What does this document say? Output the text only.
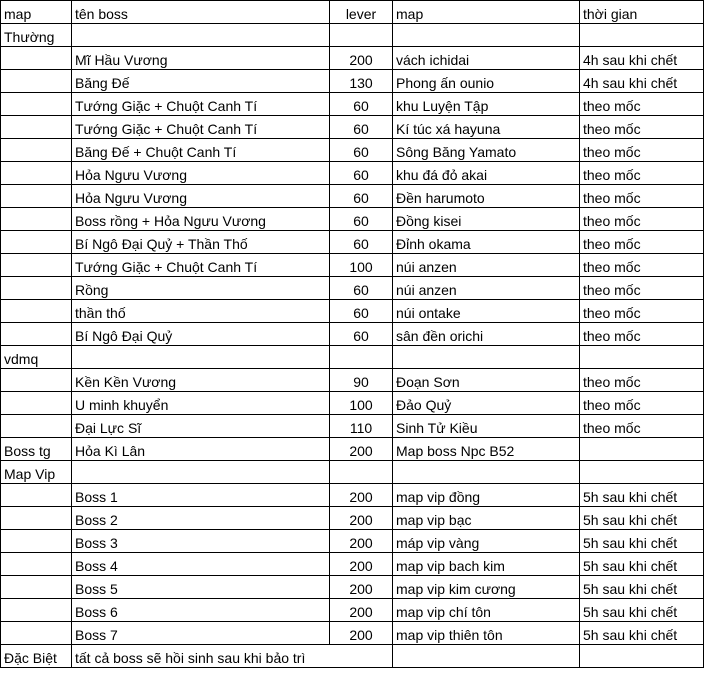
map	tên boss	lever	map	thời gian
Thường				
	Mĩ Hầu Vương	200	vách ichidai	4h sau khi chết
	Băng Đế	130	Phong ấn ounio	4h sau khi chết
	Tướng Giặc + Chuột Canh Tí	60	khu Luyện Tập	theo mốc
	Tướng Giặc + Chuột Canh Tí	60	Kí túc xá hayuna	theo mốc
	Băng Đế + Chuột Canh Tí	60	Sông Băng Yamato	theo mốc
	Hỏa Ngưu Vương	60	khu đá đỏ akai	theo mốc
	Hỏa Ngưu Vương	60	Đền harumoto	theo mốc
	Boss rồng + Hỏa Ngưu Vương	60	Đồng kisei	theo mốc
	Bí Ngô Đại Quỷ + Thần Thố	60	Đỉnh okama	theo mốc
	Tướng Giặc + Chuột Canh Tí	100	núi anzen	theo mốc
	Rồng	60	núi anzen	theo mốc
	thần thố	60	núi ontake	theo mốc
	Bí Ngô Đại Quỷ	60	sân đền orichi	theo mốc
vdmq				
	Kền Kền Vương	90	Đoạn Sơn	theo mốc
	U minh khuyển	100	Đảo Quỷ	theo mốc
	Đại Lực Sĩ	110	Sinh Tử Kiều	theo mốc
Boss tg	Hỏa Kì Lân	200	Map boss Npc B52	
Map Vip				
	Boss 1	200	map vip đồng	5h sau khi chết
	Boss 2	200	map vip bạc	5h sau khi chết
	Boss 3	200	máp vip vàng	5h sau khi chết
	Boss 4	200	map vip bach kim	5h sau khi chết
	Boss 5	200	map vip kim cương	5h sau khi chết
	Boss 6	200	map vip chí tôn	5h sau khi chết
	Boss 7	200	map vip thiên tôn	5h sau khi chết
Đặc Biệt	tất cả boss sẽ hồi sinh sau khi bảo trì			
